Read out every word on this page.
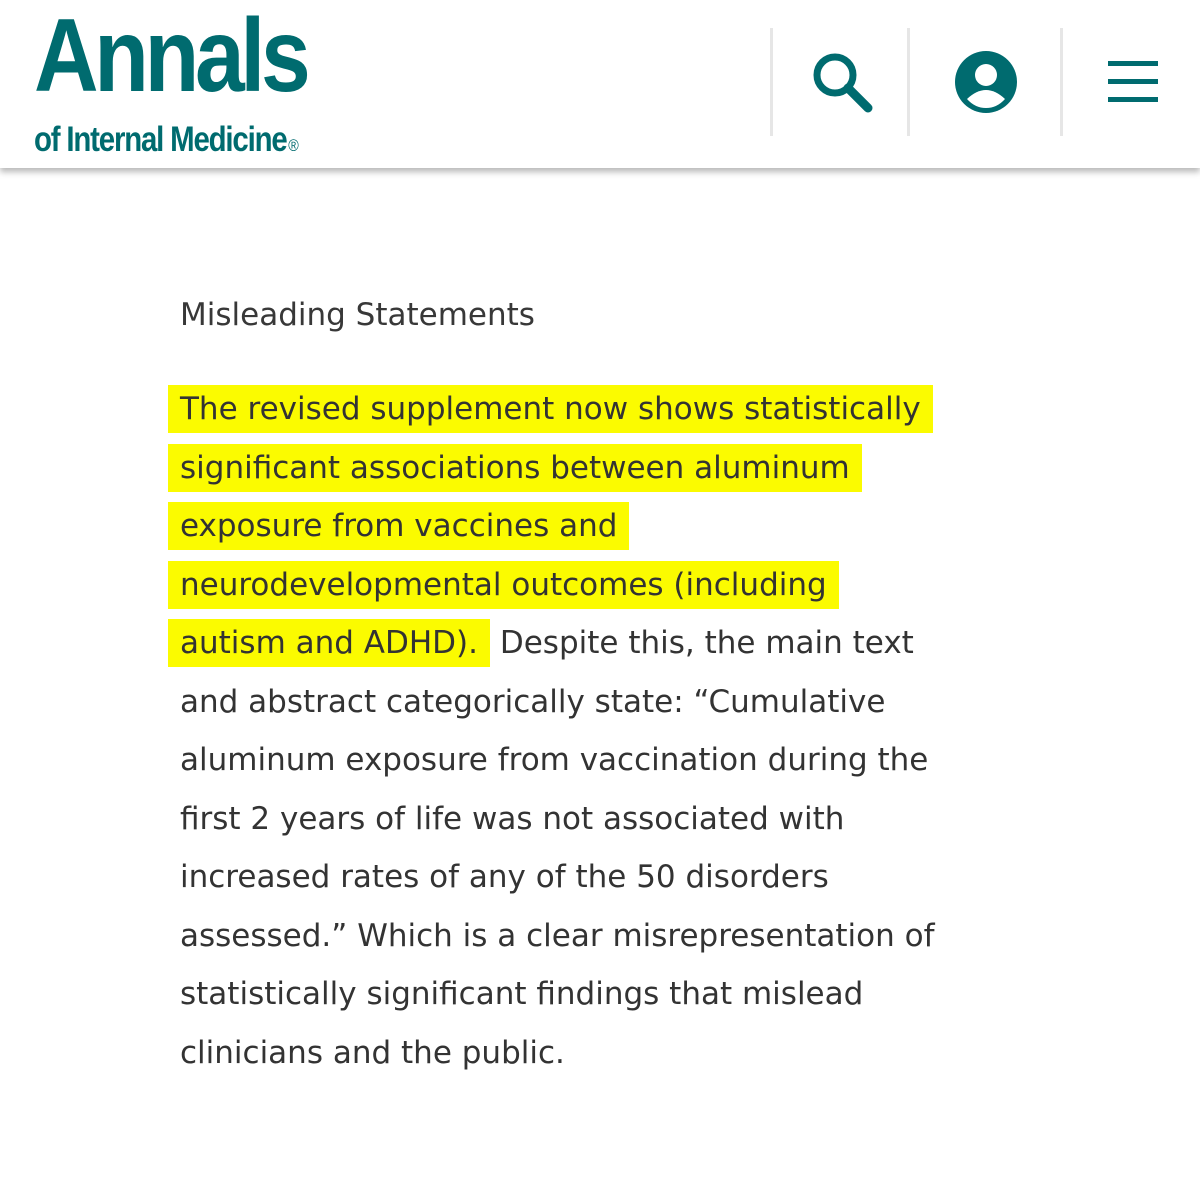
Annals
of Internal Medicine®
Misleading Statements
The revised supplement now shows statistically
significant associations between aluminum
exposure from vaccines and
neurodevelopmental outcomes (including
autism and ADHD). Despite this, the main text
and abstract categorically state: “Cumulative
aluminum exposure from vaccination during the
first 2 years of life was not associated with
increased rates of any of the 50 disorders
assessed.” Which is a clear misrepresentation of
statistically significant findings that mislead
clinicians and the public.
